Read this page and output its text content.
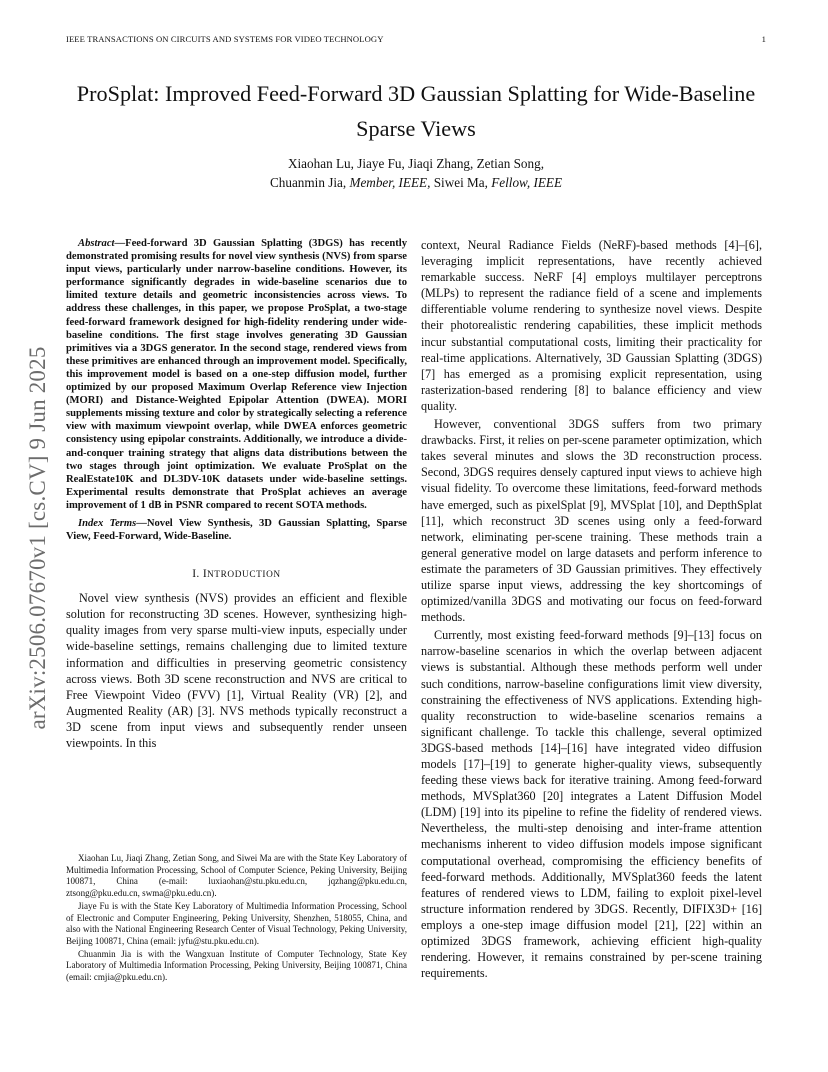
IEEE TRANSACTIONS ON CIRCUITS AND SYSTEMS FOR VIDEO TECHNOLOGY	1
ProSplat: Improved Feed-Forward 3D Gaussian Splatting for Wide-Baseline Sparse Views
Xiaohan Lu, Jiaye Fu, Jiaqi Zhang, Zetian Song,
Chuanmin Jia, Member, IEEE, Siwei Ma, Fellow, IEEE
arXiv:2506.07670v1 [cs.CV] 9 Jun 2025

Abstract—Feed-forward 3D Gaussian Splatting (3DGS) has recently demonstrated promising results for novel view synthesis (NVS) from sparse input views, particularly under narrow-baseline conditions. However, its performance significantly degrades in wide-baseline scenarios due to limited texture details and geometric inconsistencies across views. To address these challenges, in this paper, we propose ProSplat, a two-stage feed-forward framework designed for high-fidelity rendering under wide-baseline conditions. The first stage involves generating 3D Gaussian primitives via a 3DGS generator. In the second stage, rendered views from these primitives are enhanced through an improvement model. Specifically, this improvement model is based on a one-step diffusion model, further optimized by our proposed Maximum Overlap Reference view Injection (MORI) and Distance-Weighted Epipolar Attention (DWEA). MORI supplements missing texture and color by strategically selecting a reference view with maximum viewpoint overlap, while DWEA enforces geometric consistency using epipolar constraints. Additionally, we introduce a divide-and-conquer training strategy that aligns data distributions between the two stages through joint optimization. We evaluate ProSplat on the RealEstate10K and DL3DV-10K datasets under wide-baseline settings. Experimental results demonstrate that ProSplat achieves an average improvement of 1 dB in PSNR compared to recent SOTA methods.

Index Terms—Novel View Synthesis, 3D Gaussian Splatting, Sparse View, Feed-Forward, Wide-Baseline.

I. INTRODUCTION

Novel view synthesis (NVS) provides an efficient and flexible solution for reconstructing 3D scenes. However, synthesizing high-quality images from very sparse multi-view inputs, especially under wide-baseline settings, remains challenging due to limited texture information and difficulties in preserving geometric consistency across views. Both 3D scene reconstruction and NVS are critical to Free Viewpoint Video (FVV) [1], Virtual Reality (VR) [2], and Augmented Reality (AR) [3]. NVS methods typically reconstruct a 3D scene from input views and subsequently render unseen viewpoints. In this

Xiaohan Lu, Jiaqi Zhang, Zetian Song, and Siwei Ma are with the State Key Laboratory of Multimedia Information Processing, School of Computer Science, Peking University, Beijing 100871, China (e-mail: luxiaohan@stu.pku.edu.cn, jqzhang@pku.edu.cn, ztsong@pku.edu.cn, swma@pku.edu.cn).

Jiaye Fu is with the State Key Laboratory of Multimedia Information Processing, School of Electronic and Computer Engineering, Peking University, Shenzhen, 518055, China, and also with the National Engineering Research Center of Visual Technology, Peking University, Beijing 100871, China (email: jyfu@stu.pku.edu.cn).

Chuanmin Jia is with the Wangxuan Institute of Computer Technology, State Key Laboratory of Multimedia Information Processing, Peking University, Beijing 100871, China (email: cmjia@pku.edu.cn).

context, Neural Radiance Fields (NeRF)-based methods [4]–[6], leveraging implicit representations, have recently achieved remarkable success. NeRF [4] employs multilayer perceptrons (MLPs) to represent the radiance field of a scene and implements differentiable volume rendering to synthesize novel views. Despite their photorealistic rendering capabilities, these implicit methods incur substantial computational costs, limiting their practicality for real-time applications. Alternatively, 3D Gaussian Splatting (3DGS) [7] has emerged as a promising explicit representation, using rasterization-based rendering [8] to balance efficiency and view quality.

However, conventional 3DGS suffers from two primary drawbacks. First, it relies on per-scene parameter optimization, which takes several minutes and slows the 3D reconstruction process. Second, 3DGS requires densely captured input views to achieve high visual fidelity. To overcome these limitations, feed-forward methods have emerged, such as pixelSplat [9], MVSplat [10], and DepthSplat [11], which reconstruct 3D scenes using only a feed-forward network, eliminating per-scene training. These methods train a general generative model on large datasets and perform inference to estimate the parameters of 3D Gaussian primitives. They effectively utilize sparse input views, addressing the key shortcomings of optimized/vanilla 3DGS and motivating our focus on feed-forward methods.

Currently, most existing feed-forward methods [9]–[13] focus on narrow-baseline scenarios in which the overlap between adjacent views is substantial. Although these methods perform well under such conditions, narrow-baseline configurations limit view diversity, constraining the effectiveness of NVS applications. Extending high-quality reconstruction to wide-baseline scenarios remains a significant challenge. To tackle this challenge, several optimized 3DGS-based methods [14]–[16] have integrated video diffusion models [17]–[19] to generate higher-quality views, subsequently feeding these views back for iterative training. Among feed-forward methods, MVSplat360 [20] integrates a Latent Diffusion Model (LDM) [19] into its pipeline to refine the fidelity of rendered views. Nevertheless, the multi-step denoising and inter-frame attention mechanisms inherent to video diffusion models impose significant computational overhead, compromising the efficiency benefits of feed-forward methods. Additionally, MVSplat360 feeds the latent features of rendered views to LDM, failing to exploit pixel-level structure information rendered by 3DGS. Recently, DIFIX3D+ [16] employs a one-step image diffusion model [21], [22] within an optimized 3DGS framework, achieving efficient high-quality rendering. However, it remains constrained by per-scene training requirements.
